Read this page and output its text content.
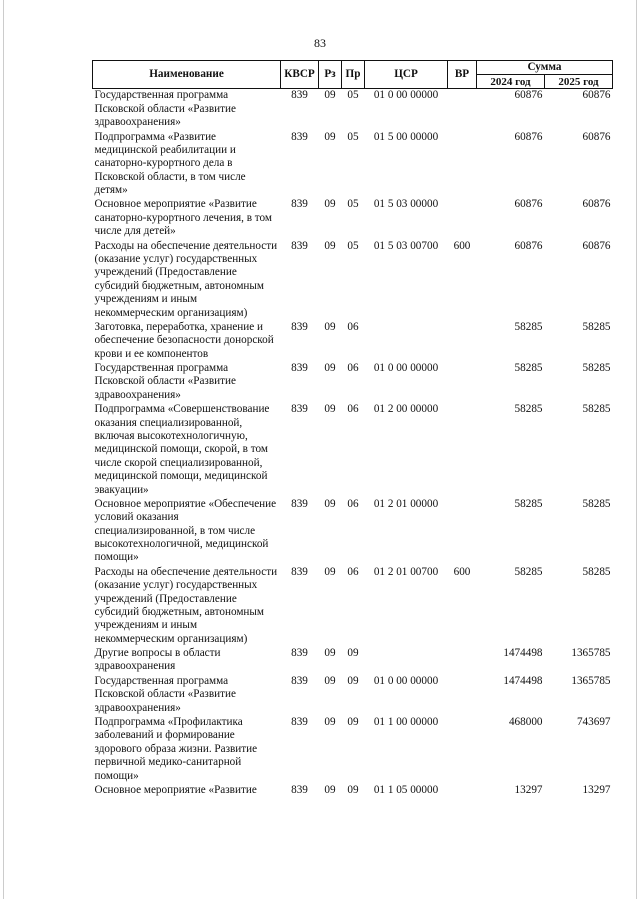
83
Наименование	КВСР	Рз	Пр	ЦСР	ВР	Сумма	
						2024 год	2025 год
Государственная программа Псковской области «Развитие здравоохранения»	839	09	05	01 0 00 00000		60876	60876
Подпрограмма «Развитие медицинской реабилитации и санаторно-курортного дела в Псковской области, в том числе детям»	839	09	05	01 5 00 00000		60876	60876
Основное мероприятие «Развитие санаторно-курортного лечения, в том числе для детей»	839	09	05	01 5 03 00000		60876	60876
Расходы на обеспечение деятельности (оказание услуг) государственных учреждений (Предоставление субсидий бюджетным, автономным учреждениям и иным некоммерческим организациям)	839	09	05	01 5 03 00700	600	60876	60876
Заготовка, переработка, хранение и обеспечение безопасности донорской крови и ее компонентов	839	09	06			58285	58285
Государственная программа Псковской области «Развитие здравоохранения»	839	09	06	01 0 00 00000		58285	58285
Подпрограмма «Совершенствование оказания специализированной, включая высокотехнологичную, медицинской помощи, скорой, в том числе скорой специализированной, медицинской помощи, медицинской эвакуации»	839	09	06	01 2 00 00000		58285	58285
Основное мероприятие «Обеспечение условий оказания специализированной, в том числе высокотехнологичной, медицинской помощи»	839	09	06	01 2 01 00000		58285	58285
Расходы на обеспечение деятельности (оказание услуг) государственных учреждений (Предоставление субсидий бюджетным, автономным учреждениям и иным некоммерческим организациям)	839	09	06	01 2 01 00700	600	58285	58285
Другие вопросы в области здравоохранения	839	09	09			1474498	1365785
Государственная программа Псковской области «Развитие здравоохранения»	839	09	09	01 0 00 00000		1474498	1365785
Подпрограмма «Профилактика заболеваний и формирование здорового образа жизни. Развитие первичной медико-санитарной помощи»	839	09	09	01 1 00 00000		468000	743697
Основное мероприятие «Развитие	839	09	09	01 1 05 00000		13297	13297
